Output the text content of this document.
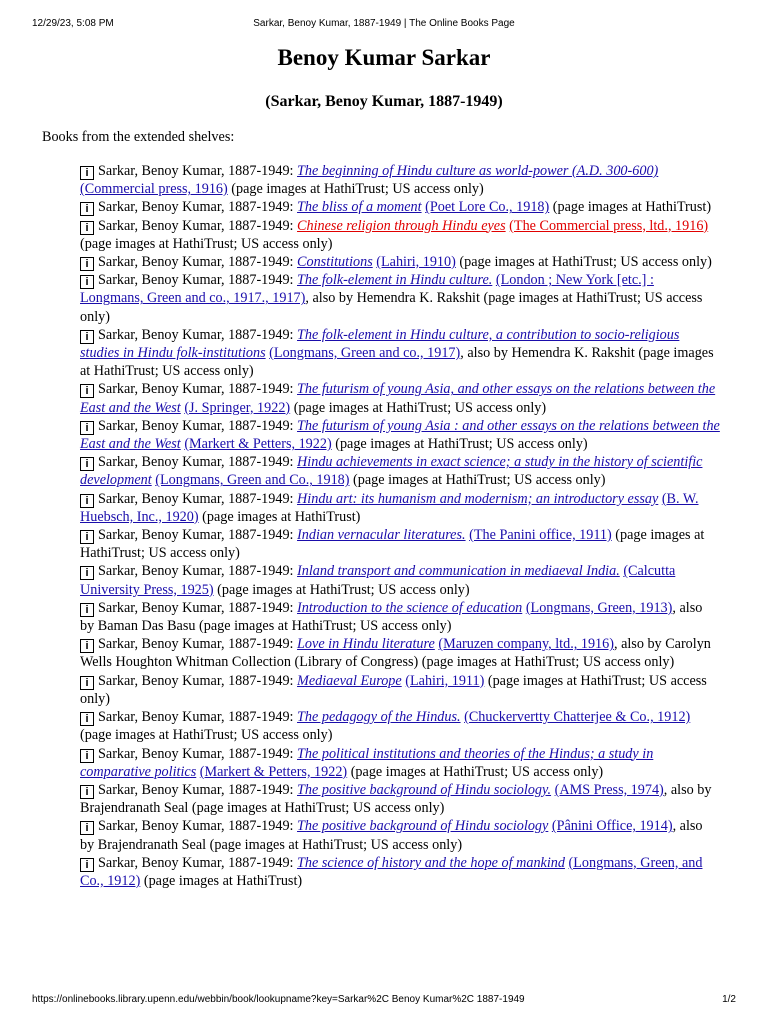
12/29/23, 5:08 PM	Sarkar, Benoy Kumar, 1887-1949 | The Online Books Page
Benoy Kumar Sarkar
(Sarkar, Benoy Kumar, 1887-1949)
Books from the extended shelves:
i Sarkar, Benoy Kumar, 1887-1949: The beginning of Hindu culture as world-power (A.D. 300-600) (Commercial press, 1916) (page images at HathiTrust; US access only)
i Sarkar, Benoy Kumar, 1887-1949: The bliss of a moment (Poet Lore Co., 1918) (page images at HathiTrust)
i Sarkar, Benoy Kumar, 1887-1949: Chinese religion through Hindu eyes (The Commercial press, ltd., 1916) (page images at HathiTrust; US access only)
i Sarkar, Benoy Kumar, 1887-1949: Constitutions (Lahiri, 1910) (page images at HathiTrust; US access only)
i Sarkar, Benoy Kumar, 1887-1949: The folk-element in Hindu culture. (London ; New York [etc.] : Longmans, Green and co., 1917., 1917), also by Hemendra K. Rakshit (page images at HathiTrust; US access only)
i Sarkar, Benoy Kumar, 1887-1949: The folk-element in Hindu culture, a contribution to socio-religious studies in Hindu folk-institutions (Longmans, Green and co., 1917), also by Hemendra K. Rakshit (page images at HathiTrust; US access only)
i Sarkar, Benoy Kumar, 1887-1949: The futurism of young Asia, and other essays on the relations between the East and the West (J. Springer, 1922) (page images at HathiTrust; US access only)
i Sarkar, Benoy Kumar, 1887-1949: The futurism of young Asia : and other essays on the relations between the East and the West (Markert & Petters, 1922) (page images at HathiTrust; US access only)
i Sarkar, Benoy Kumar, 1887-1949: Hindu achievements in exact science; a study in the history of scientific development (Longmans, Green and Co., 1918) (page images at HathiTrust; US access only)
i Sarkar, Benoy Kumar, 1887-1949: Hindu art: its humanism and modernism; an introductory essay (B. W. Huebsch, Inc., 1920) (page images at HathiTrust)
i Sarkar, Benoy Kumar, 1887-1949: Indian vernacular literatures. (The Panini office, 1911) (page images at HathiTrust; US access only)
i Sarkar, Benoy Kumar, 1887-1949: Inland transport and communication in mediaeval India. (Calcutta University Press, 1925) (page images at HathiTrust; US access only)
i Sarkar, Benoy Kumar, 1887-1949: Introduction to the science of education (Longmans, Green, 1913), also by Baman Das Basu (page images at HathiTrust; US access only)
i Sarkar, Benoy Kumar, 1887-1949: Love in Hindu literature (Maruzen company, ltd., 1916), also by Carolyn Wells Houghton Whitman Collection (Library of Congress) (page images at HathiTrust; US access only)
i Sarkar, Benoy Kumar, 1887-1949: Mediaeval Europe (Lahiri, 1911) (page images at HathiTrust; US access only)
i Sarkar, Benoy Kumar, 1887-1949: The pedagogy of the Hindus. (Chuckervertty Chatterjee & Co., 1912) (page images at HathiTrust; US access only)
i Sarkar, Benoy Kumar, 1887-1949: The political institutions and theories of the Hindus; a study in comparative politics (Markert & Petters, 1922) (page images at HathiTrust; US access only)
i Sarkar, Benoy Kumar, 1887-1949: The positive background of Hindu sociology. (AMS Press, 1974), also by Brajendranath Seal (page images at HathiTrust; US access only)
i Sarkar, Benoy Kumar, 1887-1949: The positive background of Hindu sociology (Pânini Office, 1914), also by Brajendranath Seal (page images at HathiTrust; US access only)
i Sarkar, Benoy Kumar, 1887-1949: The science of history and the hope of mankind (Longmans, Green, and Co., 1912) (page images at HathiTrust)
https://onlinebooks.library.upenn.edu/webbin/book/lookupname?key=Sarkar%2C Benoy Kumar%2C 1887-1949	1/2
